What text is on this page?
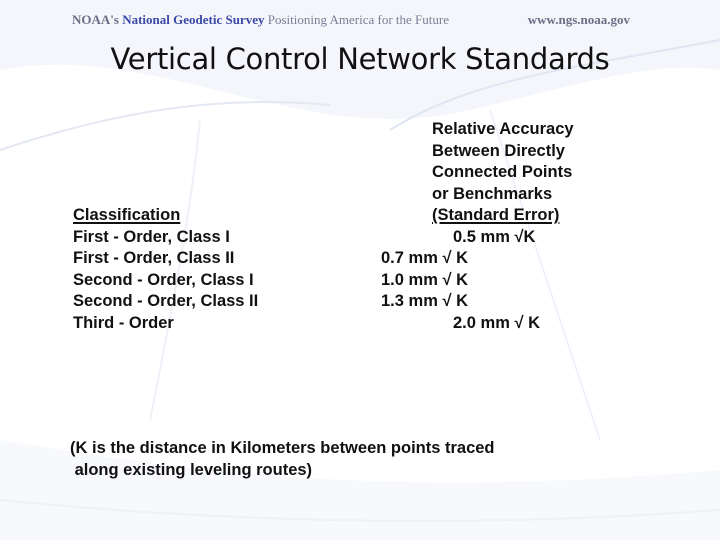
NOAA's National Geodetic Survey Positioning America for the Future	www.ngs.noaa.gov
Vertical Control Network Standards
Relative Accuracy
Between Directly
Connected Points
or Benchmarks
(Standard Error)
Classification
First - Order, Class I
First - Order, Class II
Second - Order, Class I
Second - Order, Class II
Third - Order
0.5 mm √K
0.7 mm √ K
1.0 mm √ K
1.3 mm √ K
2.0 mm √ K
(K is the distance in Kilometers between points traced
along existing leveling routes)
